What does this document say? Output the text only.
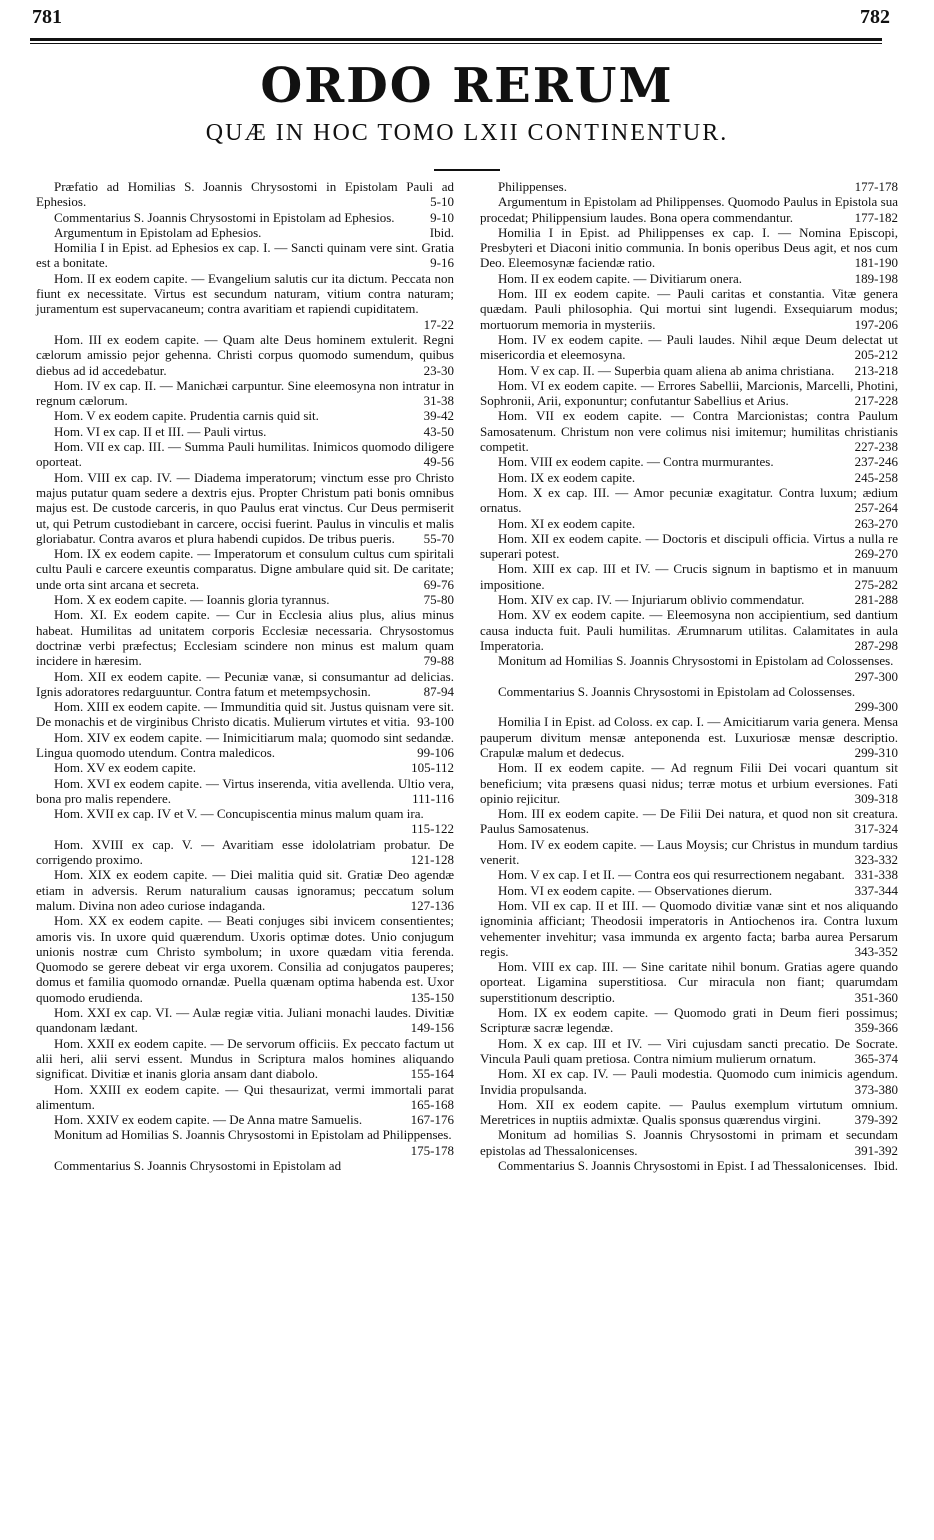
781	782
ORDO RERUM
QUÆ IN HOC TOMO LXII CONTINENTUR.

Præfatio ad Homilias S. Joannis Chrysostomi in Epistolam Pauli ad Ephesios.	5-10

Commentarius S. Joannis Chrysostomi in Epistolam ad Ephesios.	9-10

Argumentum in Epistolam ad Ephesios.	Ibid.

Homilia I in Epist. ad Ephesios ex cap. I. — Sancti quinam vere sint. Gratia est a bonitate.	9-16

Hom. II ex eodem capite. — Evangelium salutis cur ita dictum. Peccata non fiunt ex necessitate. Virtus est secundum naturam, vitium contra naturam; juramentum est supervacaneum; contra avaritiam et rapiendi cupiditatem.
17-22

Hom. III ex eodem capite. — Quam alte Deus hominem extulerit. Regni cælorum amissio pejor gehenna. Christi corpus quomodo sumendum, quibus diebus ad id accedebatur.	23-30

Hom. IV ex cap. II. — Manichæi carpuntur. Sine eleemosyna non intratur in regnum cælorum.	31-38

Hom. V ex eodem capite. Prudentia carnis quid sit.	39-42

Hom. VI ex cap. II et III. — Pauli virtus.	43-50

Hom. VII ex cap. III. — Summa Pauli humilitas. Inimicos quomodo diligere oporteat.	49-56

Hom. VIII ex cap. IV. — Diadema imperatorum; vinctum esse pro Christo majus putatur quam sedere a dextris ejus. Propter Christum pati bonis omnibus majus est. De custode carceris, in quo Paulus erat vinctus. Cur Deus permiserit ut, qui Petrum custodiebant in carcere, occisi fuerint. Paulus in vinculis et malis gloriabatur. Contra avaros et plura habendi cupidos. De tribus pueris.	55-70

Hom. IX ex eodem capite. — Imperatorum et consulum cultus cum spiritali cultu Pauli e carcere exeuntis comparatus. Digne ambulare quid sit. De caritate; unde orta sint arcana et secreta.	69-76

Hom. X ex eodem capite. — Ioannis gloria tyrannus.	75-80

Hom. XI. Ex eodem capite. — Cur in Ecclesia alius plus, alius minus habeat. Humilitas ad unitatem corporis Ecclesiæ necessaria. Chrysostomus doctrinæ verbi præfectus; Ecclesiam scindere non minus est malum quam incidere in hæresim.	79-88

Hom. XII ex eodem capite. — Pecuniæ vanæ, si consumantur ad delicias. Ignis adoratores redarguuntur. Contra fatum et metempsychosin.	87-94

Hom. XIII ex eodem capite. — Immunditia quid sit. Justus quisnam vere sit. De monachis et de virginibus Christo dicatis. Mulierum virtutes et vitia. 93-100

Hom. XIV ex eodem capite. — Inimicitiarum mala; quomodo sint sedandæ. Lingua quomodo utendum. Contra maledicos.	99-106

Hom. XV ex eodem capite.	105-112

Hom. XVI ex eodem capite. — Virtus inserenda, vitia avellenda. Ultio vera, bona pro malis rependere.	111-116

Hom. XVII ex cap. IV et V. — Concupiscentia minus malum quam ira.
115-122

Hom. XVIII ex cap. V. — Avaritiam esse idololatriam probatur. De corrigendo proximo.	121-128

Hom. XIX ex eodem capite. — Diei malitia quid sit. Gratiæ Deo agendæ etiam in adversis. Rerum naturalium causas ignoramus; peccatum solum malum. Divina non adeo curiose indaganda.	127-136

Hom. XX ex eodem capite. — Beati conjuges sibi invicem consentientes; amoris vis. In uxore quid quærendum. Uxoris optimæ dotes. Unio conjugum unionis nostræ cum Christo symbolum; in uxore quædam vitia ferenda. Quomodo se gerere debeat vir erga uxorem. Consilia ad conjugatos pauperes; domus et familia quomodo ornandæ. Puella quænam optima habenda est. Uxor quomodo erudienda.	135-150

Hom. XXI ex cap. VI. — Aulæ regiæ vitia. Juliani monachi laudes. Divitiæ quandonam lædant.	149-156

Hom. XXII ex eodem capite. — De servorum officiis. Ex peccato factum ut alii heri, alii servi essent. Mundus in Scriptura malos homines aliquando significat. Divitiæ et inanis gloria ansam dant diabolo.	155-164

Hom. XXIII ex eodem capite. — Qui thesaurizat, vermi immortali parat alimentum.	165-168

Hom. XXIV ex eodem capite. — De Anna matre Samuelis.	167-176

Monitum ad Homilias S. Joannis Chrysostomi in Epistolam ad Philippenses.
175-178

Commentarius S. Joannis Chrysostomi in Epistolam ad

Philippenses.	177-178

Argumentum in Epistolam ad Philippenses. Quomodo Paulus in Epistola sua procedat; Philippensium laudes. Bona opera commendantur.	177-182

Homilia I in Epist. ad Philippenses ex cap. I. — Nomina Episcopi, Presbyteri et Diaconi initio communia. In bonis operibus Deus agit, et nos cum Deo. Eleemosynæ faciendæ ratio.	181-190

Hom. II ex eodem capite. — Divitiarum onera.	189-198

Hom. III ex eodem capite. — Pauli caritas et constantia. Vitæ genera quædam. Pauli philosophia. Qui mortui sint lugendi. Exsequiarum modus; mortuorum memoria in mysteriis.	197-206

Hom. IV ex eodem capite. — Pauli laudes. Nihil æque Deum delectat ut misericordia et eleemosyna.	205-212

Hom. V ex cap. II. — Superbia quam aliena ab anima christiana.	213-218

Hom. VI ex eodem capite. — Errores Sabellii, Marcionis, Marcelli, Photini, Sophronii, Arii, exponuntur; confutantur Sabellius et Arius.	217-228

Hom. VII ex eodem capite. — Contra Marcionistas; contra Paulum Samosatenum. Christum non vere colimus nisi imitemur; humilitas christianis competit.	227-238

Hom. VIII ex eodem capite. — Contra murmurantes.	237-246

Hom. IX ex eodem capite.	245-258

Hom. X ex cap. III. — Amor pecuniæ exagitatur. Contra luxum; ædium ornatus.	257-264

Hom. XI ex eodem capite.	263-270

Hom. XII ex eodem capite. — Doctoris et discipuli officia. Virtus a nulla re superari potest.	269-270

Hom. XIII ex cap. III et IV. — Crucis signum in baptismo et in manuum impositione.	275-282

Hom. XIV ex cap. IV. — Injuriarum oblivio commendatur.	281-288

Hom. XV ex eodem capite. — Eleemosyna non accipientium, sed dantium causa inducta fuit. Pauli humilitas. Ærumnarum utilitas. Calamitates in aula Imperatoria.	287-298

Monitum ad Homilias S. Joannis Chrysostomi in Epistolam ad Colossenses.
297-300

Commentarius S. Joannis Chrysostomi in Epistolam ad Colossenses.
299-300

Homilia I in Epist. ad Coloss. ex cap. I. — Amicitiarum varia genera. Mensa pauperum divitum mensæ anteponenda est. Luxuriosæ mensæ descriptio. Crapulæ malum et dedecus.	299-310

Hom. II ex eodem capite. — Ad regnum Filii Dei vocari quantum sit beneficium; vita præsens quasi nidus; terræ motus et urbium eversiones. Fati opinio rejicitur.	309-318

Hom. III ex eodem capite. — De Filii Dei natura, et quod non sit creatura. Paulus Samosatenus.	317-324

Hom. IV ex eodem capite. — Laus Moysis; cur Christus in mundum tardius venerit.	323-332

Hom. V ex cap. I et II. — Contra eos qui resurrectionem negabant. 331-338

Hom. VI ex eodem capite. — Observationes dierum.	337-344

Hom. VII ex cap. II et III. — Quomodo divitiæ vanæ sint et nos aliquando ignominia afficiant; Theodosii imperatoris in Antiochenos ira. Contra luxum vehementer invehitur; vasa immunda ex argento facta; barba aurea Persarum regis.	343-352

Hom. VIII ex cap. III. — Sine caritate nihil bonum. Gratias agere quando oporteat. Ligamina superstitiosa. Cur miracula non fiant; quarumdam superstitionum descriptio.	351-360

Hom. IX ex eodem capite. — Quomodo grati in Deum fieri possimus; Scripturæ sacræ legendæ.	359-366

Hom. X ex cap. III et IV. — Viri cujusdam sancti precatio. De Socrate. Vincula Pauli quam pretiosa. Contra nimium mulierum ornatum.	365-374

Hom. XI ex cap. IV. — Pauli modestia. Quomodo cum inimicis agendum. Invidia propulsanda.	373-380

Hom. XII ex eodem capite. — Paulus exemplum virtutum omnium. Meretrices in nuptiis admixtæ. Qualis sponsus quærendus virgini.	379-392

Monitum ad homilias S. Joannis Chrysostomi in primam et secundam epistolas ad Thessalonicenses.	391-392

Commentarius S. Joannis Chrysostomi in Epist. I ad Thessalonicenses. Ibid.
